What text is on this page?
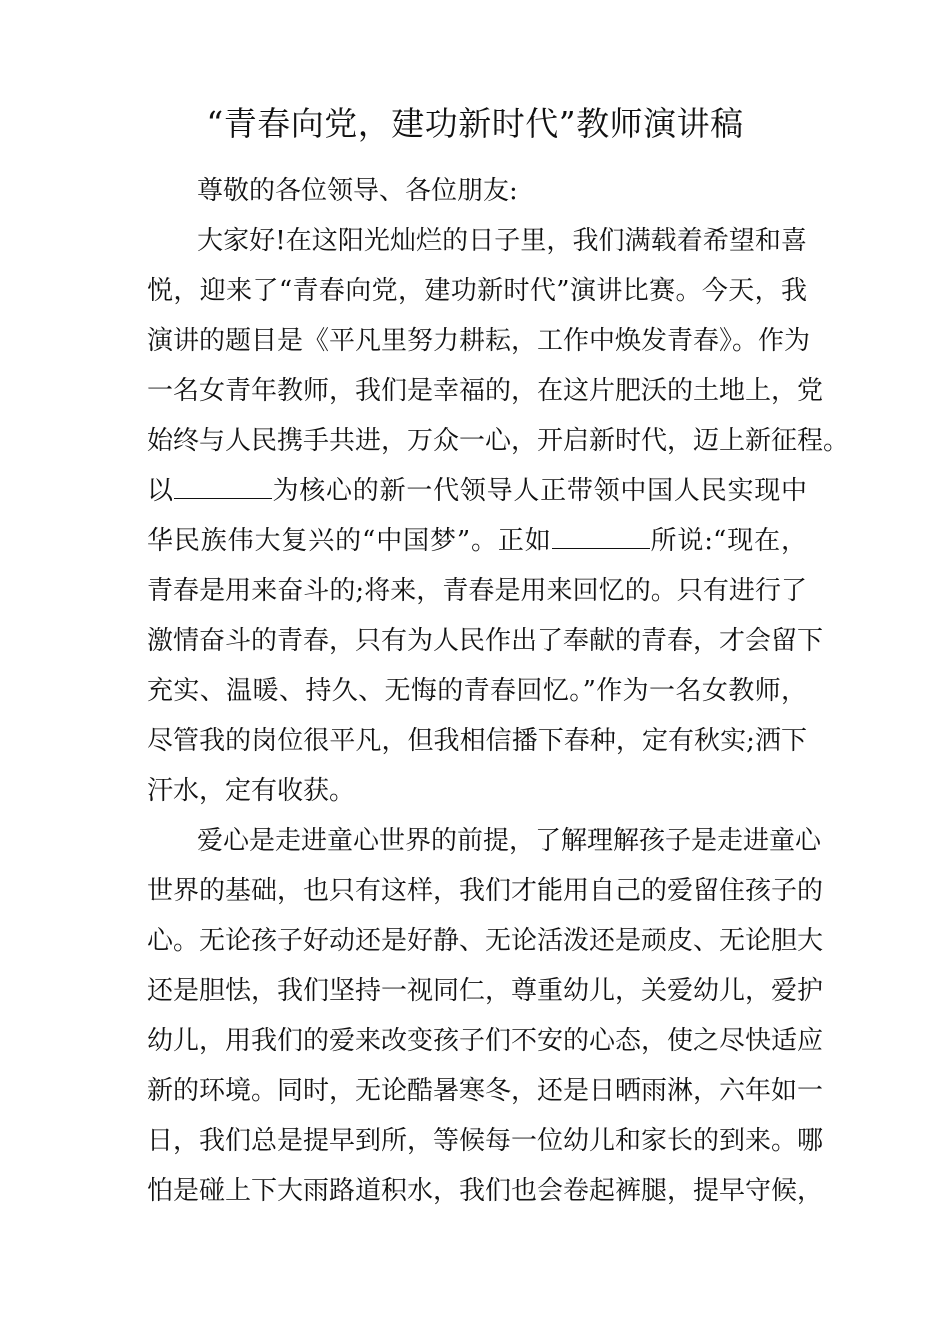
“青春向党，建功新时代”教师演讲稿
尊敬的各位领导、各位朋友:
大家好!在这阳光灿烂的日子里，我们满载着希望和喜
悦，迎来了“青春向党，建功新时代”演讲比赛。今天，我
演讲的题目是《平凡里努力耕耘，工作中焕发青春》。作为
一名女青年教师，我们是幸福的，在这片肥沃的土地上，党
始终与人民携手共进，万众一心，开启新时代，迈上新征程。
以	为核心的新一代领导人正带领中国人民实现中
华民族伟大复兴的“中国梦”。正如	所说:“现在，
青春是用来奋斗的;将来，青春是用来回忆的。只有进行了
激情奋斗的青春，只有为人民作出了奉献的青春，才会留下
充实、温暖、持久、无悔的青春回忆。”作为一名女教师，
尽管我的岗位很平凡，但我相信播下春种，定有秋实;洒下
汗水，定有收获。
爱心是走进童心世界的前提，了解理解孩子是走进童心
世界的基础，也只有这样，我们才能用自己的爱留住孩子的
心。无论孩子好动还是好静、无论活泼还是顽皮、无论胆大
还是胆怯，我们坚持一视同仁，尊重幼儿，关爱幼儿，爱护
幼儿，用我们的爱来改变孩子们不安的心态，使之尽快适应
新的环境。同时，无论酷暑寒冬，还是日晒雨淋，六年如一
日，我们总是提早到所，等候每一位幼儿和家长的到来。哪
怕是碰上下大雨路道积水，我们也会卷起裤腿，提早守候，
